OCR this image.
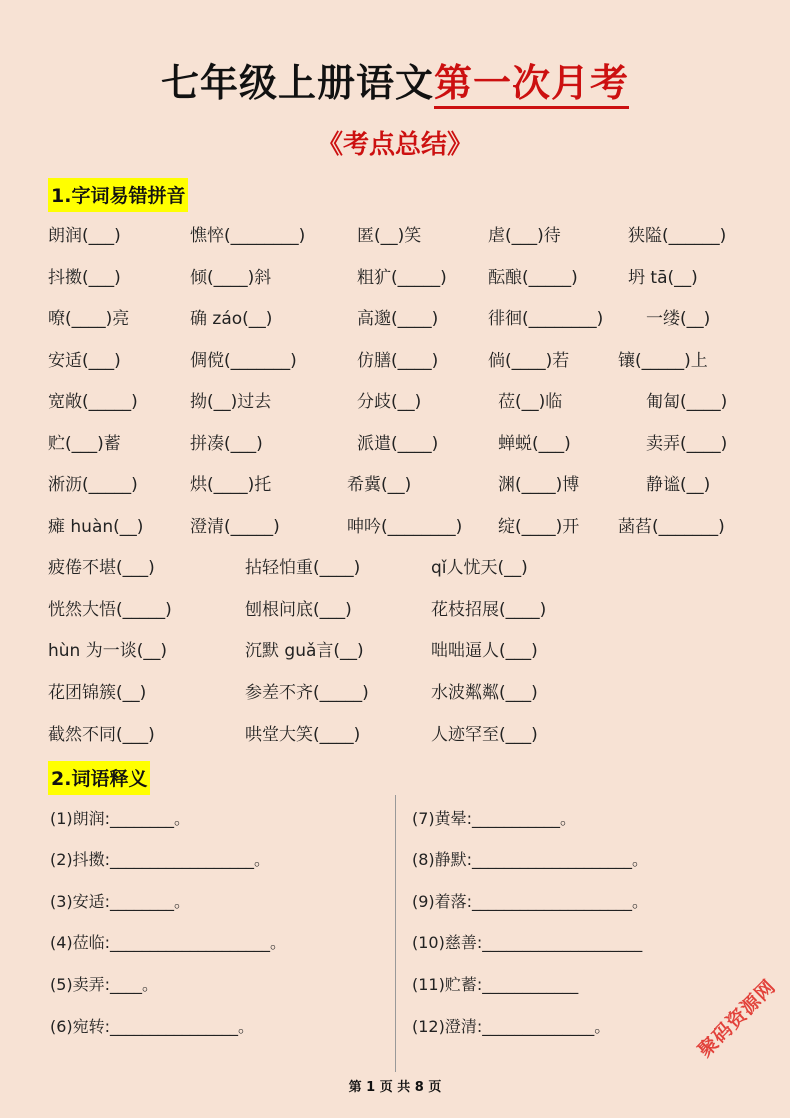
七年级上册语文第一次月考
《考点总结》
1.字词易错拼音
朗润(___)	憔悴(________)	匿(__)笑	虐(___)待	狭隘(______)
抖擞(___)	倾(____)斜	粗犷(_____) 酝酿(_____)	坍 tā(__)
嘹(____)亮	确 záo(__)	高邈(____)	徘徊(________)	一缕(__)
安适(___)	倜傥(_______)	仿膳(____)	倘(____)若	镶(_____)上
宽敞(_____)	拗(__)过去	分歧(__)	莅(__)临	匍匐(____)
贮(___)蓄	拼凑(___)	派遣(____)	蝉蜕(___)	卖弄(____)
淅沥(_____)	烘(____)托	希冀(__)	渊(____)博	静谧(__)
瘫 huàn(__)	澄清(_____)	呻吟(________) 绽(____)开 菡萏(_______)
疲倦不堪(___)	拈轻怕重(____)	qǐ人忧天(__)
恍然大悟(_____)	刨根问底(___)	花枝招展(____)
hùn 为一谈(__)	沉默 guǎ言(__)	咄咄逼人(___)
花团锦簇(__)	参差不齐(_____)	水波粼粼(___)
截然不同(___)	哄堂大笑(____)	人迹罕至(___)
2.词语释义
(1)朗润:________。
(2)抖擞:__________________。
(3)安适:________。
(4)莅临:____________________。
(5)卖弄:____。
(6)宛转:________________。
(7)黄晕:___________。
(8)静默:____________________。
(9)着落:____________________。
(10)慈善:____________________
(11)贮蓄:____________
(12)澄清:______________。
第 1 页 共 8 页
聚码资源网
